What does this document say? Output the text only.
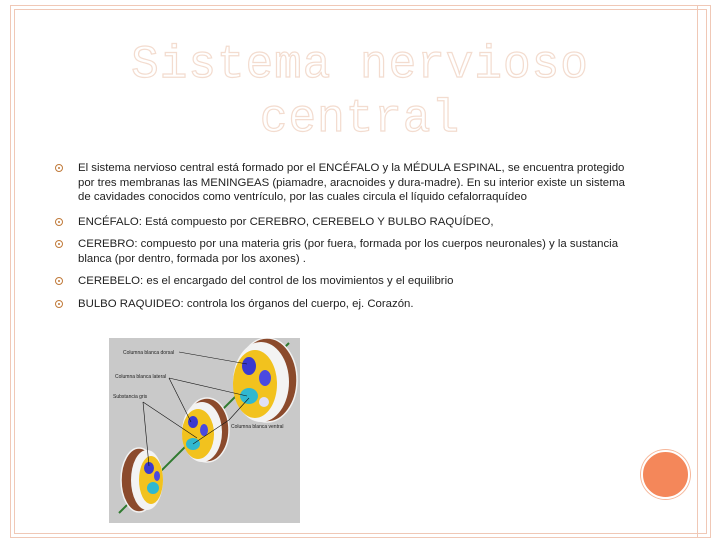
Sistema nervioso
central
El sistema nervioso central está formado por el ENCÉFALO y la MÉDULA ESPINAL, se encuentra protegido por tres membranas las MENINGEAS (piamadre, aracnoides y dura-madre). En su interior existe un sistema de cavidades conocidos como ventrículo, por las cuales circula el líquido cefalorraquídeo
ENCÉFALO: Está compuesto por CEREBRO, CEREBELO Y BULBO RAQUÍDEO,
CEREBRO: compuesto por una materia gris (por fuera, formada por los cuerpos neuronales) y la sustancia blanca (por dentro, formada por los axones) .
CEREBELO: es el encargado del control de los movimientos y el equilibrio
BULBO RAQUIDEO: controla los órganos del cuerpo, ej. Corazón.
Columna blanca dorsal
Columna blanca lateral
Substancia gris
Columna blanca ventral
